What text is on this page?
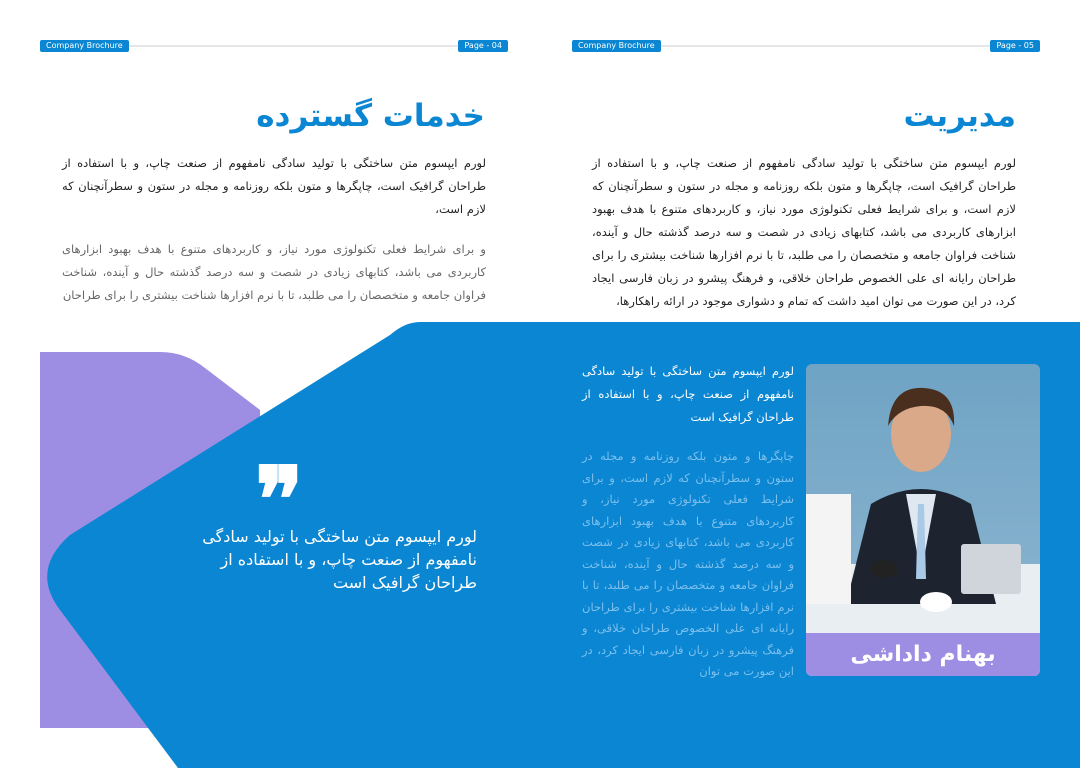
Company Brochure	Page - 04	Company Brochure	Page - 05
خدمات گسترده	مدیریت
لورم ایپسوم متن ساختگی با تولید سادگی نامفهوم از صنعت چاپ، و با استفاده از طراحان گرافیک است، چاپگرها و متون بلکه روزنامه و مجله در ستون و سطرآنچنان که لازم است،
و برای شرایط فعلی تکنولوژی مورد نیاز، و کاربردهای متنوع با هدف بهبود ابزارهای کاربردی می باشد، کتابهای زیادی در شصت و سه درصد گذشته حال و آینده، شناخت فراوان جامعه و متخصصان را می طلبد، تا با نرم افزارها شناخت بیشتری را برای طراحان
لورم ایپسوم متن ساختگی با تولید سادگی نامفهوم از صنعت چاپ، و با استفاده از طراحان گرافیک است، چاپگرها و متون بلکه روزنامه و مجله در ستون و سطرآنچنان که لازم است، و برای شرایط فعلی تکنولوژی مورد نیاز، و کاربردهای متنوع با هدف بهبود ابزارهای کاربردی می باشد، کتابهای زیادی در شصت و سه درصد گذشته حال و آینده، شناخت فراوان جامعه و متخصصان را می طلبد، تا با نرم افزارها شناخت بیشتری را برای طراحان رایانه ای علی الخصوص طراحان خلاقی، و فرهنگ پیشرو در زبان فارسی ایجاد کرد، در این صورت می توان امید داشت که تمام و دشواری موجود در ارائه راهکارها،
❞
لورم ایپسوم متن ساختگی با تولید سادگی نامفهوم از صنعت چاپ، و با استفاده از طراحان گرافیک است
لورم ایپسوم متن ساختگی با تولید سادگی نامفهوم از صنعت چاپ، و با استفاده از طراحان گرافیک است
چاپگرها و متون بلکه روزنامه و مجله در ستون و سطرآنچنان که لازم است، و برای شرایط فعلی تکنولوژی مورد نیاز، و کاربردهای متنوع با هدف بهبود ابزارهای کاربردی می باشد، کتابهای زیادی در شصت و سه درصد گذشته حال و آینده، شناخت فراوان جامعه و متخصصان را می طلبد، تا با نرم افزارها شناخت بیشتری را برای طراحان رایانه ای علی الخصوص طراحان خلاقی، و فرهنگ پیشرو در زبان فارسی ایجاد کرد، در این صورت می توان
بهنام داداشی
